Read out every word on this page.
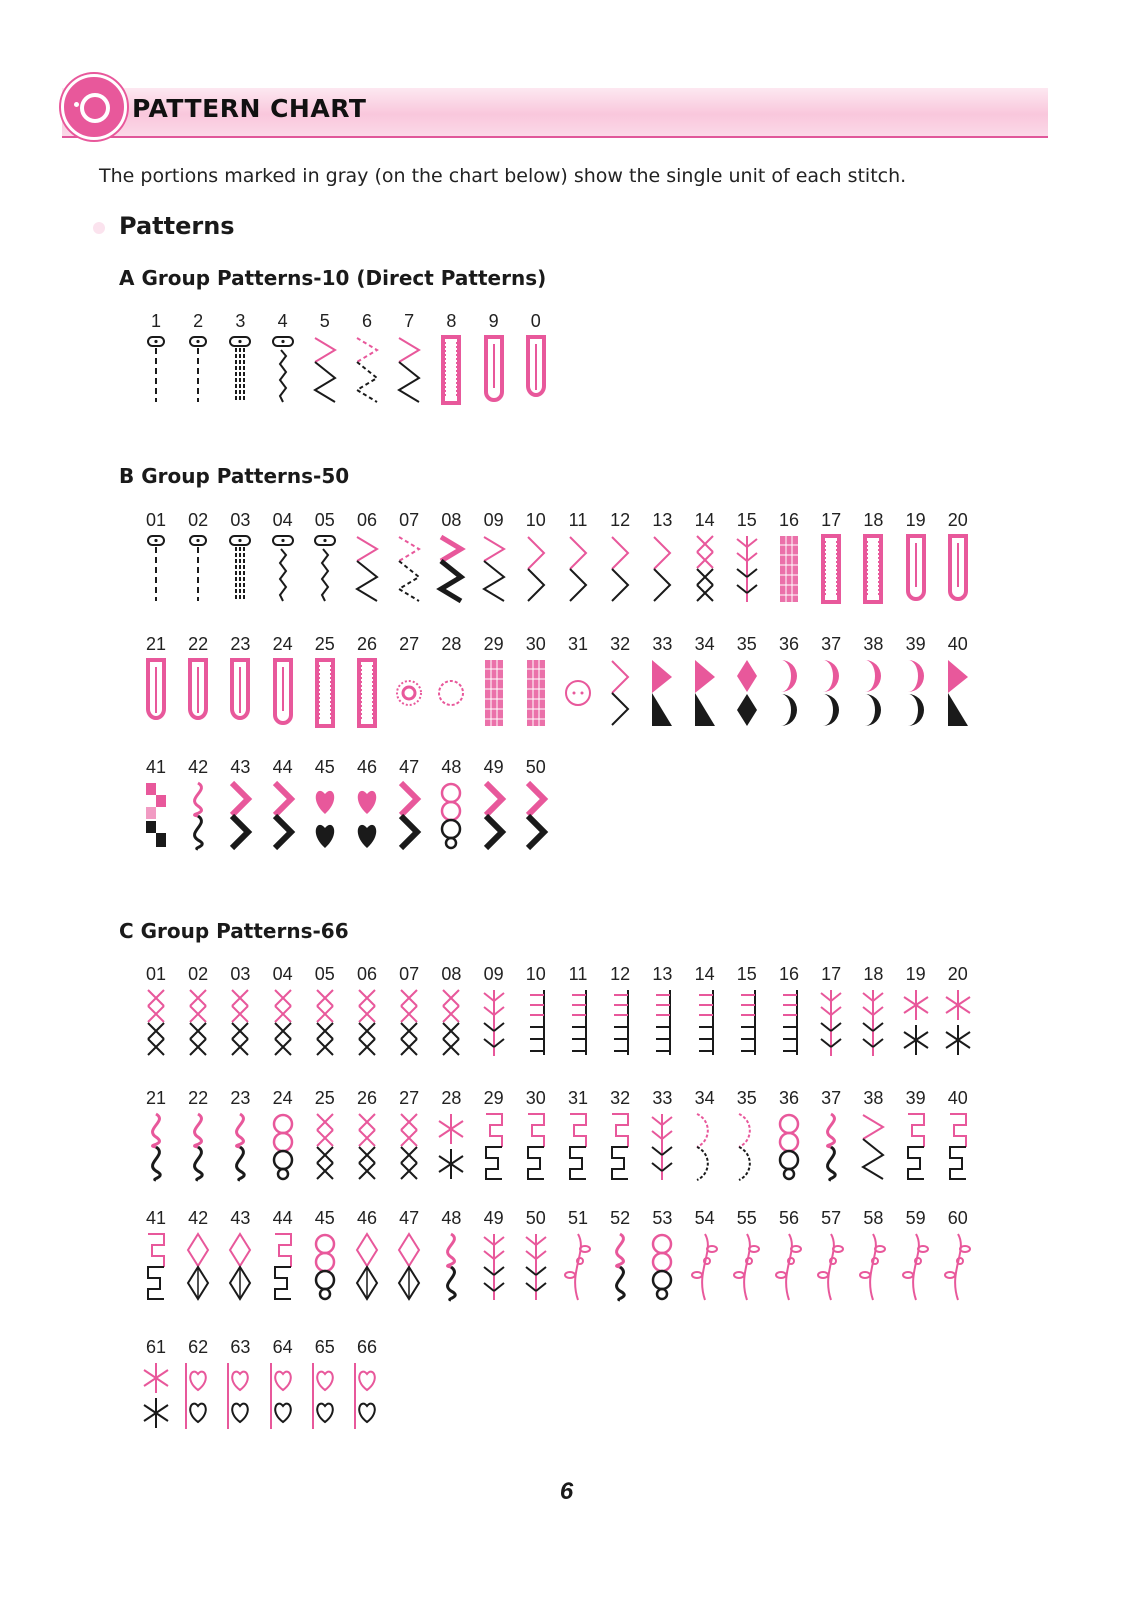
PATTERN CHART
The portions marked in gray (on the chart below) show the single unit of each stitch.
Patterns
A Group Patterns-10 (Direct Patterns)
B Group Patterns-50
C Group Patterns-66
1	2	3	4	5	6	7	8	9	0
01	02	03	04	05	06	07	08	09	10	11	12	13	14	15	16	17	18	19	20
21	22	23	24	25	26	27	28	29	30	31	32	33	34	35	36	37	38	39	40
41	42	43	44	45	46	47	48	49	50
01	02	03	04	05	06	07	08	09	10	11	12	13	14	15	16	17	18	19	20
21	22	23	24	25	26	27	28	29	30	31	32	33	34	35	36	37	38	39	40
41	42	43	44	45	46	47	48	49	50	51	52	53	54	55	56	57	58	59	60
61	62	63	64	65	66
6
